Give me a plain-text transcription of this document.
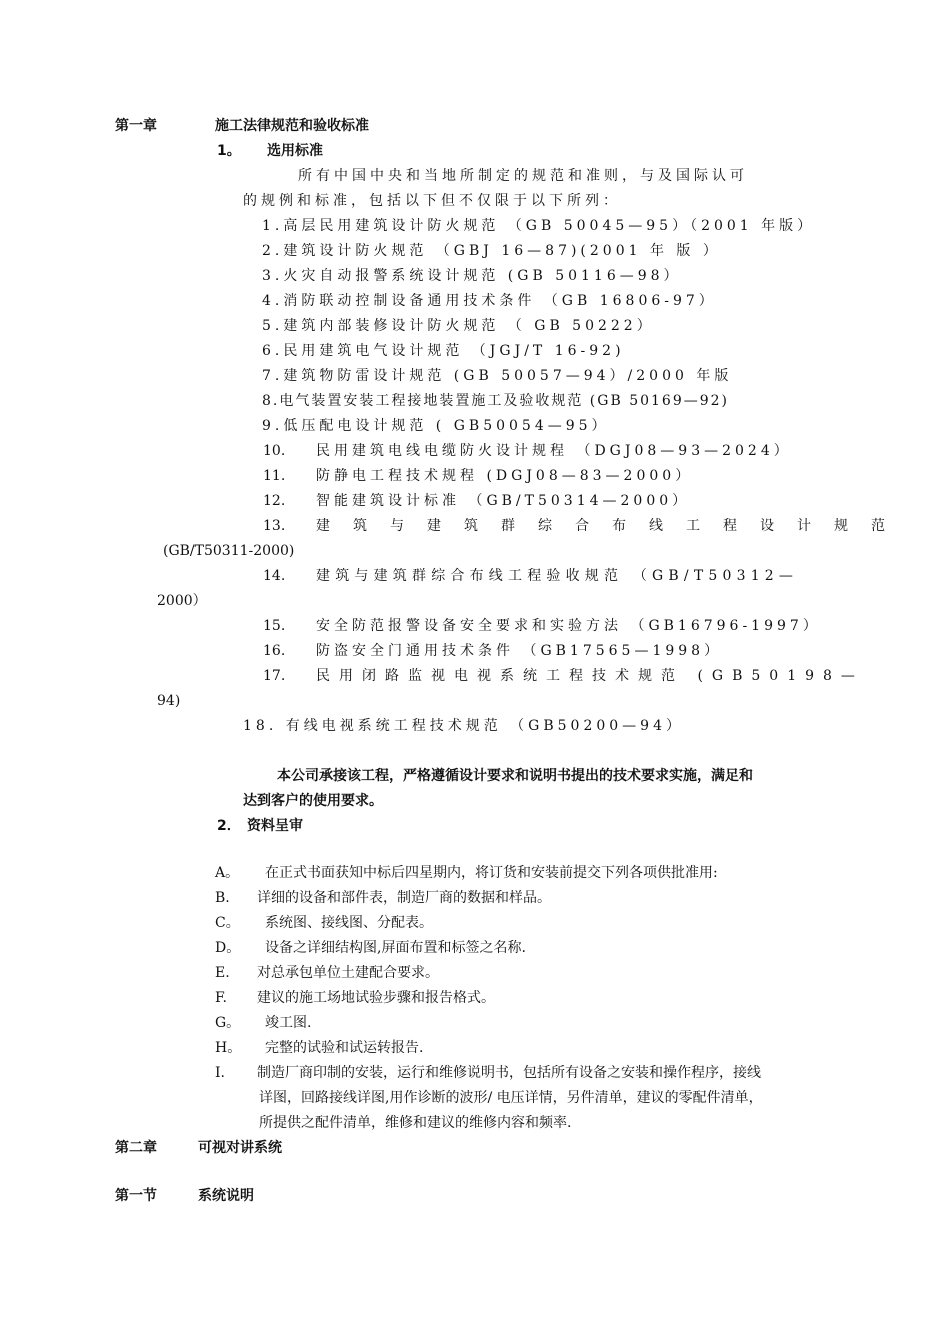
第一章	施工法律规范和验收标准
1。 选用标准
所有中国中央和当地所制定的规范和准则，与及国际认可
的规例和标准，包括以下但不仅限于以下所列：
1.高层民用建筑设计防火规范 （GB 50045—95）（2001 年版）
2.建筑设计防火规范 （GBJ 16—87)(2001 年 版 ）
3.火灾自动报警系统设计规范 (GB 50116—98）
4.消防联动控制设备通用技术条件 （GB 16806-97）
5.建筑内部装修设计防火规范 （ GB 50222）
6.民用建筑电气设计规范 （JGJ/T 16-92)
7.建筑物防雷设计规范 (GB 50057—94）/2000 年版
8.电气装置安装工程接地装置施工及验收规范 (GB 50169—92)
9.低压配电设计规范 ( GB50054—95）
10. 民用建筑电线电缆防火设计规程 （DGJ08—93—2024）
11. 防静电工程技术规程 (DGJ08—83—2000）
12. 智能建筑设计标准 （GB/T50314—2000）
13. 建筑与建筑群综合布线工程设计规范
(GB/T50311-2000)
14. 建筑与建筑群综合布线工程验收规范 （GB/T50312—
2000）
15. 安全防范报警设备安全要求和实验方法 （GB16796-1997）
16. 防盗安全门通用技术条件 （GB17565—1998）
17. 民用闭路监视电视系统工程技术规范 (GB50198—
94)
18. 有线电视系统工程技术规范 （GB50200—94）
本公司承接该工程，严格遵循设计要求和说明书提出的技术要求实施，满足和
达到客户的使用要求。
2． 资料呈审
A。 在正式书面获知中标后四星期内，将订货和安装前提交下列各项供批准用:
B. 详细的设备和部件表，制造厂商的数据和样品。
C。 系统图、接线图、分配表。
D。 设备之详细结构图,屏面布置和标签之名称.
E. 对总承包单位土建配合要求。
F. 建议的施工场地试验步骤和报告格式。
G。 竣工图.
H。 完整的试验和试运转报告.
I. 制造厂商印制的安装，运行和维修说明书，包括所有设备之安装和操作程序，接线
详图，回路接线详图,用作诊断的波形/ 电压详情，另件清单，建议的零配件清单，
所提供之配件清单，维修和建议的维修内容和频率.
第二章	可视对讲系统
第一节	系统说明
